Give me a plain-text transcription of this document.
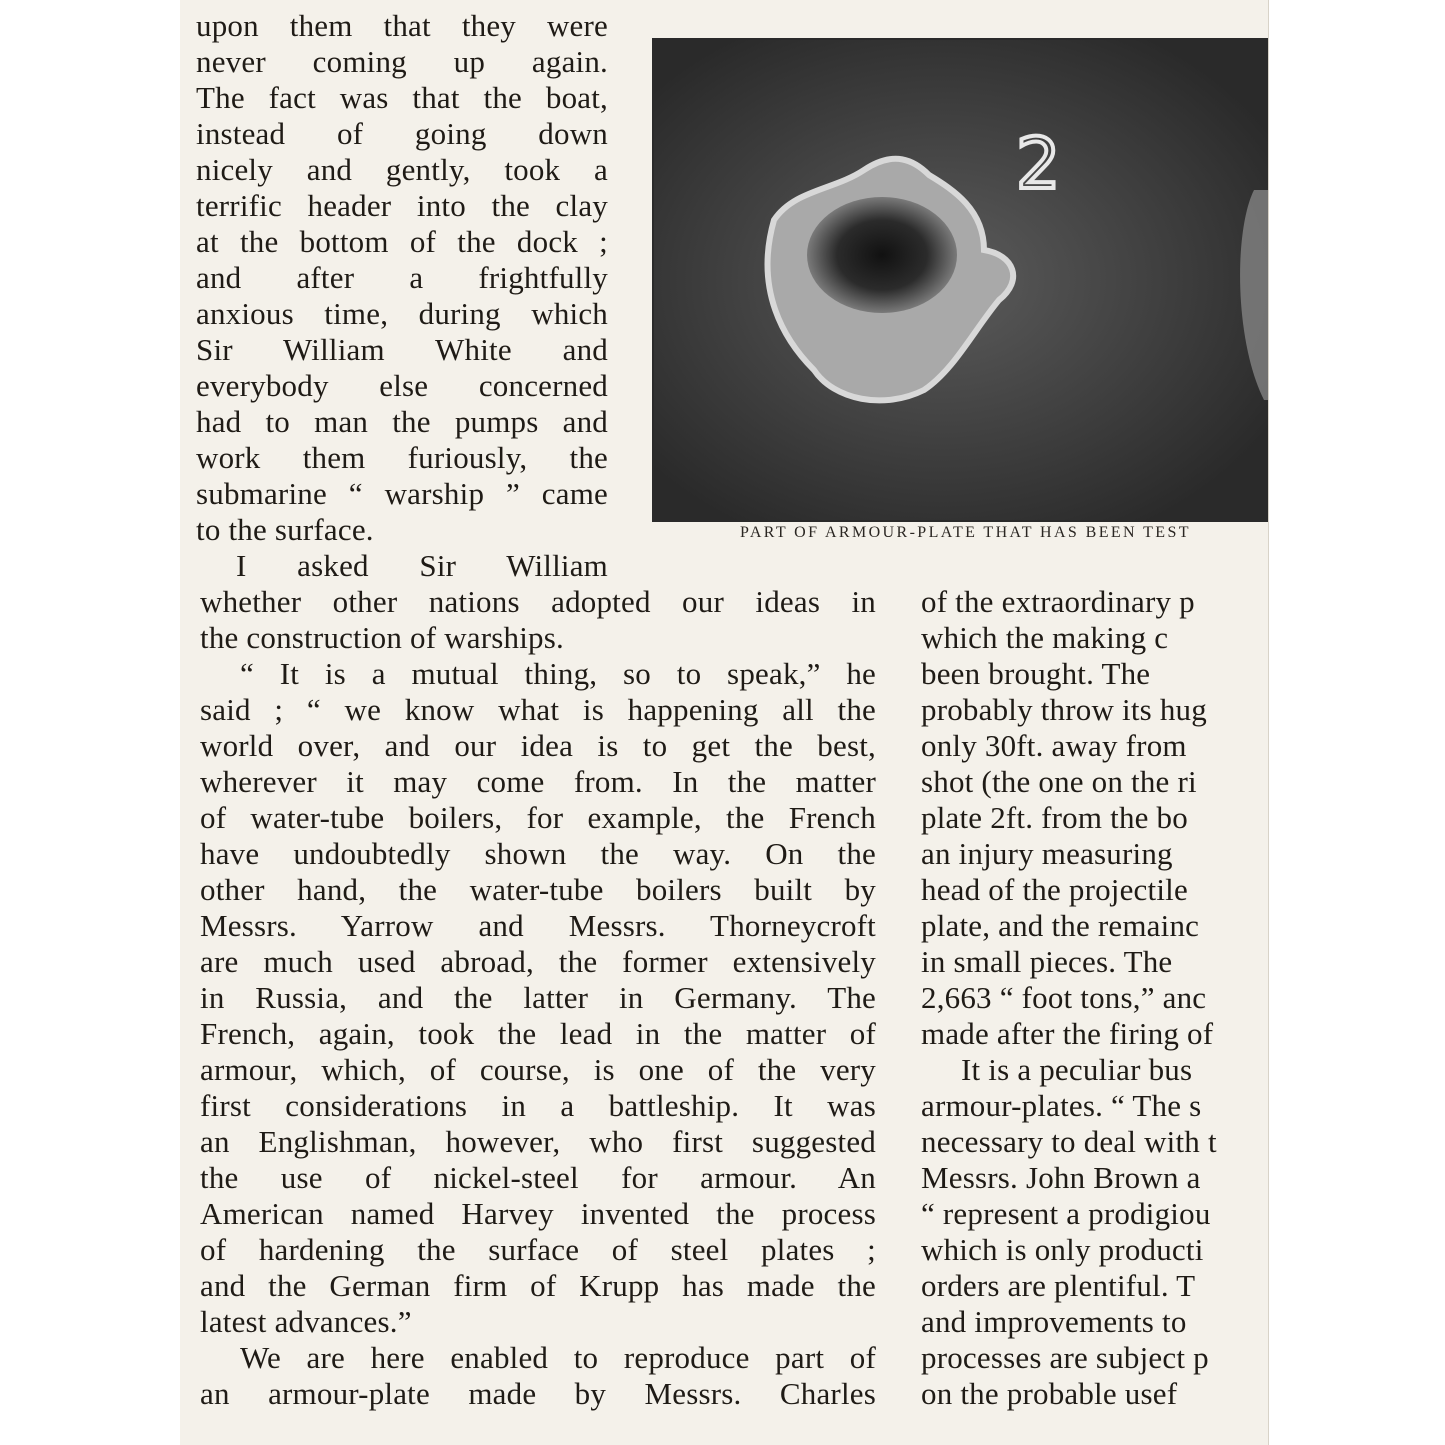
upon them that they were
never coming up again.
The fact was that the boat,
instead of going down
nicely and gently, took a
terrific header into the clay
at the bottom of the dock ;
and after a frightfully
anxious time, during which
Sir William White and
everybody else concerned
had to man the pumps and
work them furiously, the
submarine “ warship ” came
to the surface.
I asked Sir William
2
PART OF ARMOUR-PLATE THAT HAS BEEN TEST
whether other nations adopted our ideas in
the construction of warships.
“ It is a mutual thing, so to speak,” he
said ; “ we know what is happening all the
world over, and our idea is to get the best,
wherever it may come from. In the matter
of water-tube boilers, for example, the French
have undoubtedly shown the way. On the
other hand, the water-tube boilers built by
Messrs. Yarrow and Messrs. Thorneycroft
are much used abroad, the former extensively
in Russia, and the latter in Germany. The
French, again, took the lead in the matter of
armour, which, of course, is one of the very
first considerations in a battleship. It was
an Englishman, however, who first suggested
the use of nickel-steel for armour. An
American named Harvey invented the process
of hardening the surface of steel plates ;
and the German firm of Krupp has made the
latest advances.”
We are here enabled to reproduce part of
an armour-plate made by Messrs. Charles
of the extraordinary p
which the making c
been brought. The
probably throw its hug
only 30ft. away from
shot (the one on the ri
plate 2ft. from the bo
an injury measuring
head of the projectile
plate, and the remainc
in small pieces. The
2,663 “ foot tons,” anc
made after the firing of
It is a peculiar bus
armour-plates. “ The s
necessary to deal with t
Messrs. John Brown a
“ represent a prodigiou
which is only producti
orders are plentiful. T
and improvements to
processes are subject p
on the probable usef
